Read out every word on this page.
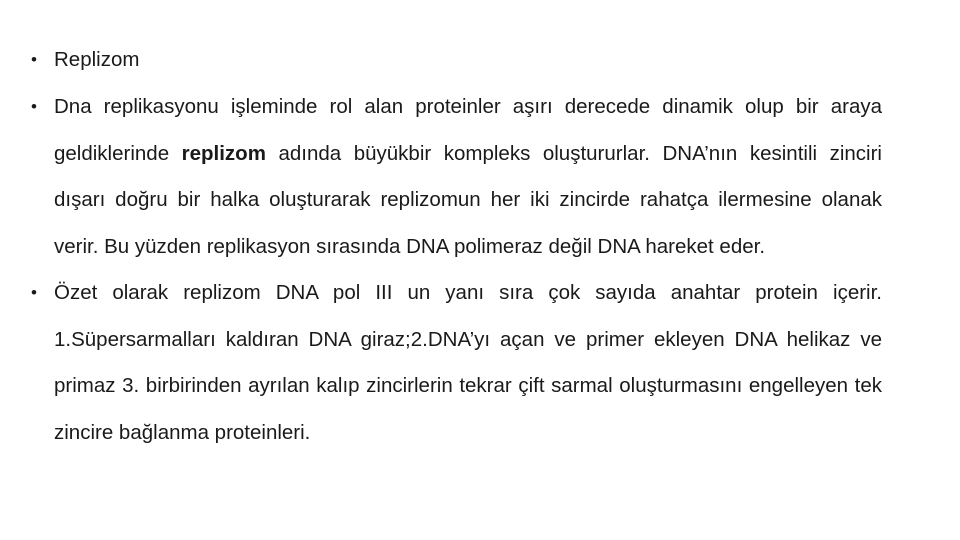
• Replizom
• Dna replikasyonu işleminde rol alan proteinler aşırı derecede dinamik olup bir araya geldiklerinde replizom adında büyükbir kompleks oluştururlar. DNA’nın kesintili zinciri dışarı doğru bir halka oluşturarak replizomun her iki zincirde rahatça ilermesine olanak verir. Bu yüzden replikasyon sırasında DNA polimeraz değil DNA hareket eder.
• Özet olarak replizom DNA pol III un yanı sıra çok sayıda anahtar protein içerir. 1.Süpersarmalları kaldıran DNA giraz;2.DNA’yı açan ve primer ekleyen DNA helikaz ve primaz 3. birbirinden ayrılan kalıp zincirlerin tekrar çift sarmal oluşturmasını engelleyen tek zincire bağlanma proteinleri.
